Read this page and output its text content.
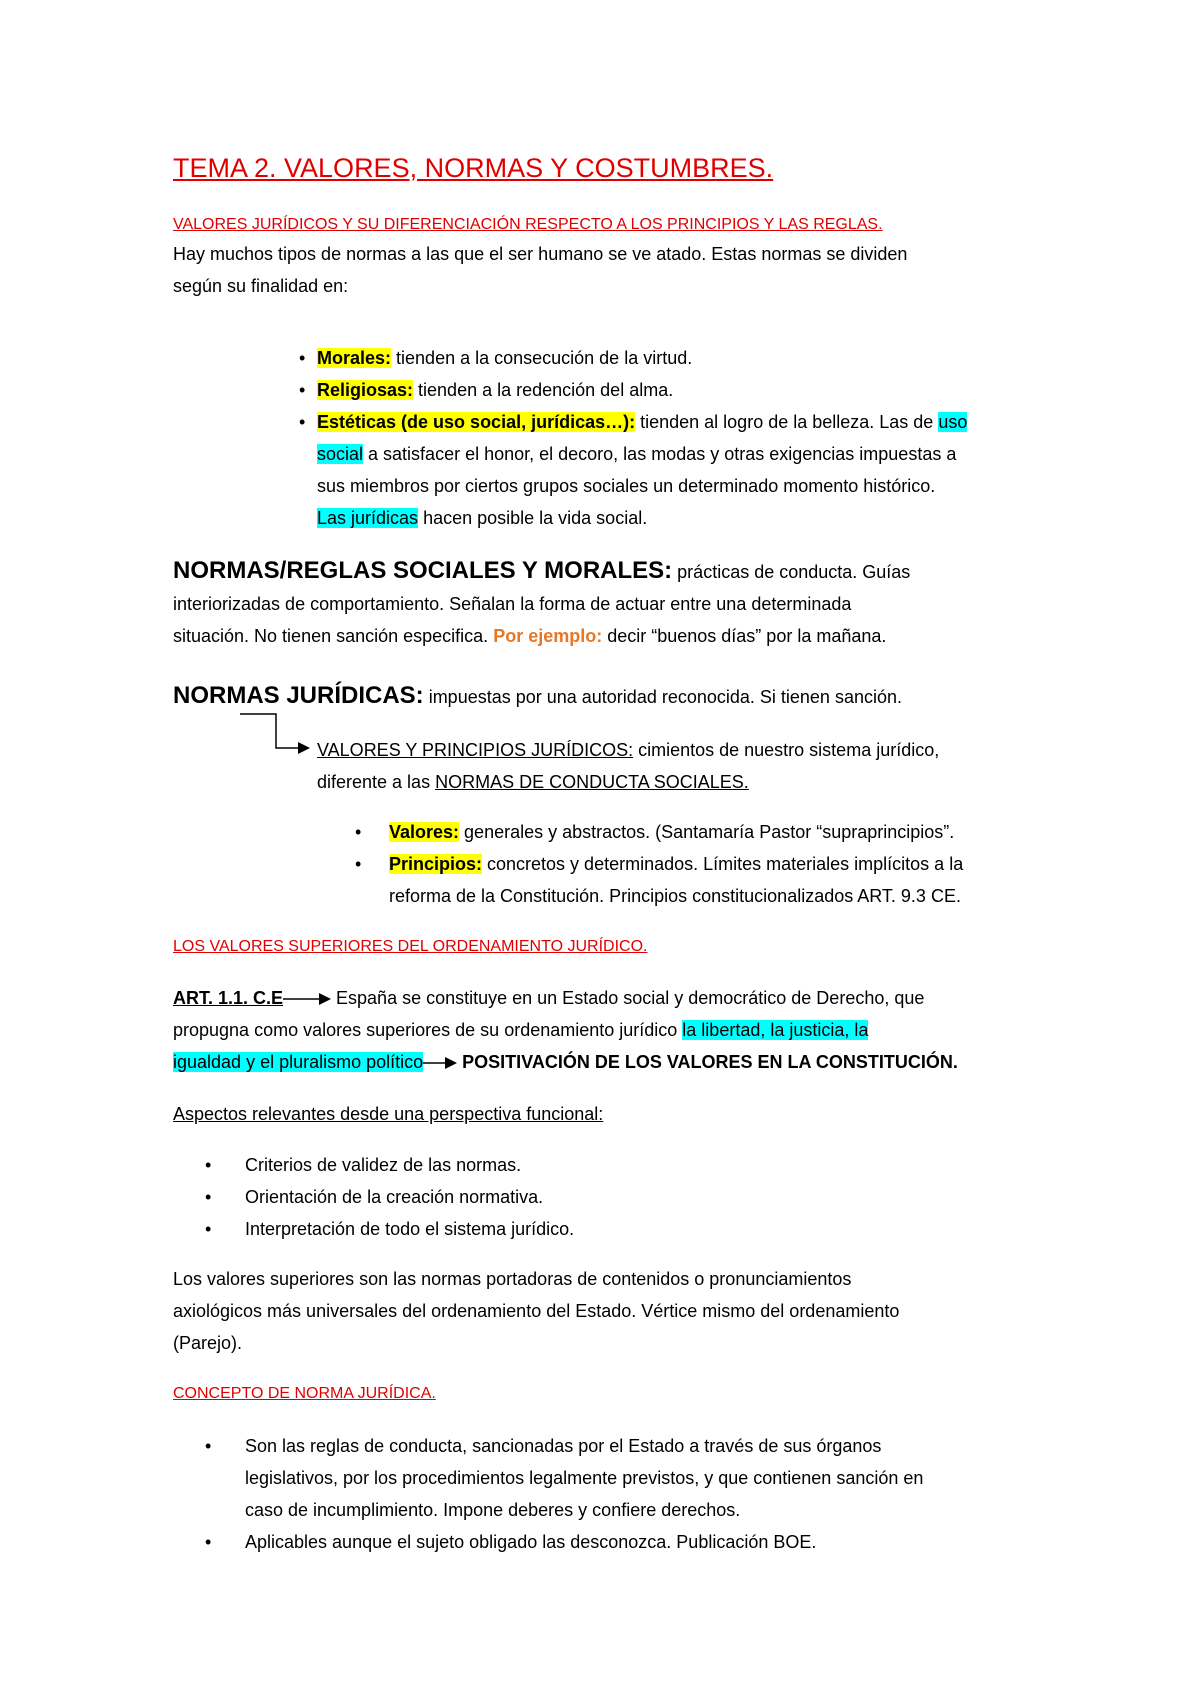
TEMA 2. VALORES, NORMAS Y COSTUMBRES.
VALORES JURÍDICOS Y SU DIFERENCIACIÓN RESPECTO A LOS PRINCIPIOS Y LAS REGLAS.
Hay muchos tipos de normas a las que el ser humano se ve atado. Estas normas se dividen
según su finalidad en:
• Morales: tienden a la consecución de la virtud.
• Religiosas: tienden a la redención del alma.
• Estéticas (de uso social, jurídicas…): tienden al logro de la belleza. Las de uso
social a satisfacer el honor, el decoro, las modas y otras exigencias impuestas a
sus miembros por ciertos grupos sociales un determinado momento histórico.
Las jurídicas hacen posible la vida social.
NORMAS/REGLAS SOCIALES Y MORALES: prácticas de conducta. Guías
interiorizadas de comportamiento. Señalan la forma de actuar entre una determinada
situación. No tienen sanción especifica. Por ejemplo: decir “buenos días” por la mañana.
NORMAS JURÍDICAS: impuestas por una autoridad reconocida. Si tienen sanción.
VALORES Y PRINCIPIOS JURÍDICOS: cimientos de nuestro sistema jurídico,
diferente a las NORMAS DE CONDUCTA SOCIALES.
• Valores: generales y abstractos. (Santamaría Pastor “supraprincipios”.
• Principios: concretos y determinados. Límites materiales implícitos a la
reforma de la Constitución. Principios constitucionalizados ART. 9.3 CE.
LOS VALORES SUPERIORES DEL ORDENAMIENTO JURÍDICO.
ART. 1.1. C.E	España se constituye en un Estado social y democrático de Derecho, que
propugna como valores superiores de su ordenamiento jurídico la libertad, la justicia, la
igualdad y el pluralismo político
POSITIVACIÓN DE LOS VALORES EN LA CONSTITUCIÓN.
Aspectos relevantes desde una perspectiva funcional:
• Criterios de validez de las normas.
• Orientación de la creación normativa.
• Interpretación de todo el sistema jurídico.
Los valores superiores son las normas portadoras de contenidos o pronunciamientos
axiológicos más universales del ordenamiento del Estado. Vértice mismo del ordenamiento
(Parejo).
CONCEPTO DE NORMA JURÍDICA.
• Son las reglas de conducta, sancionadas por el Estado a través de sus órganos
legislativos, por los procedimientos legalmente previstos, y que contienen sanción en
caso de incumplimiento. Impone deberes y confiere derechos.
• Aplicables aunque el sujeto obligado las desconozca. Publicación BOE.
